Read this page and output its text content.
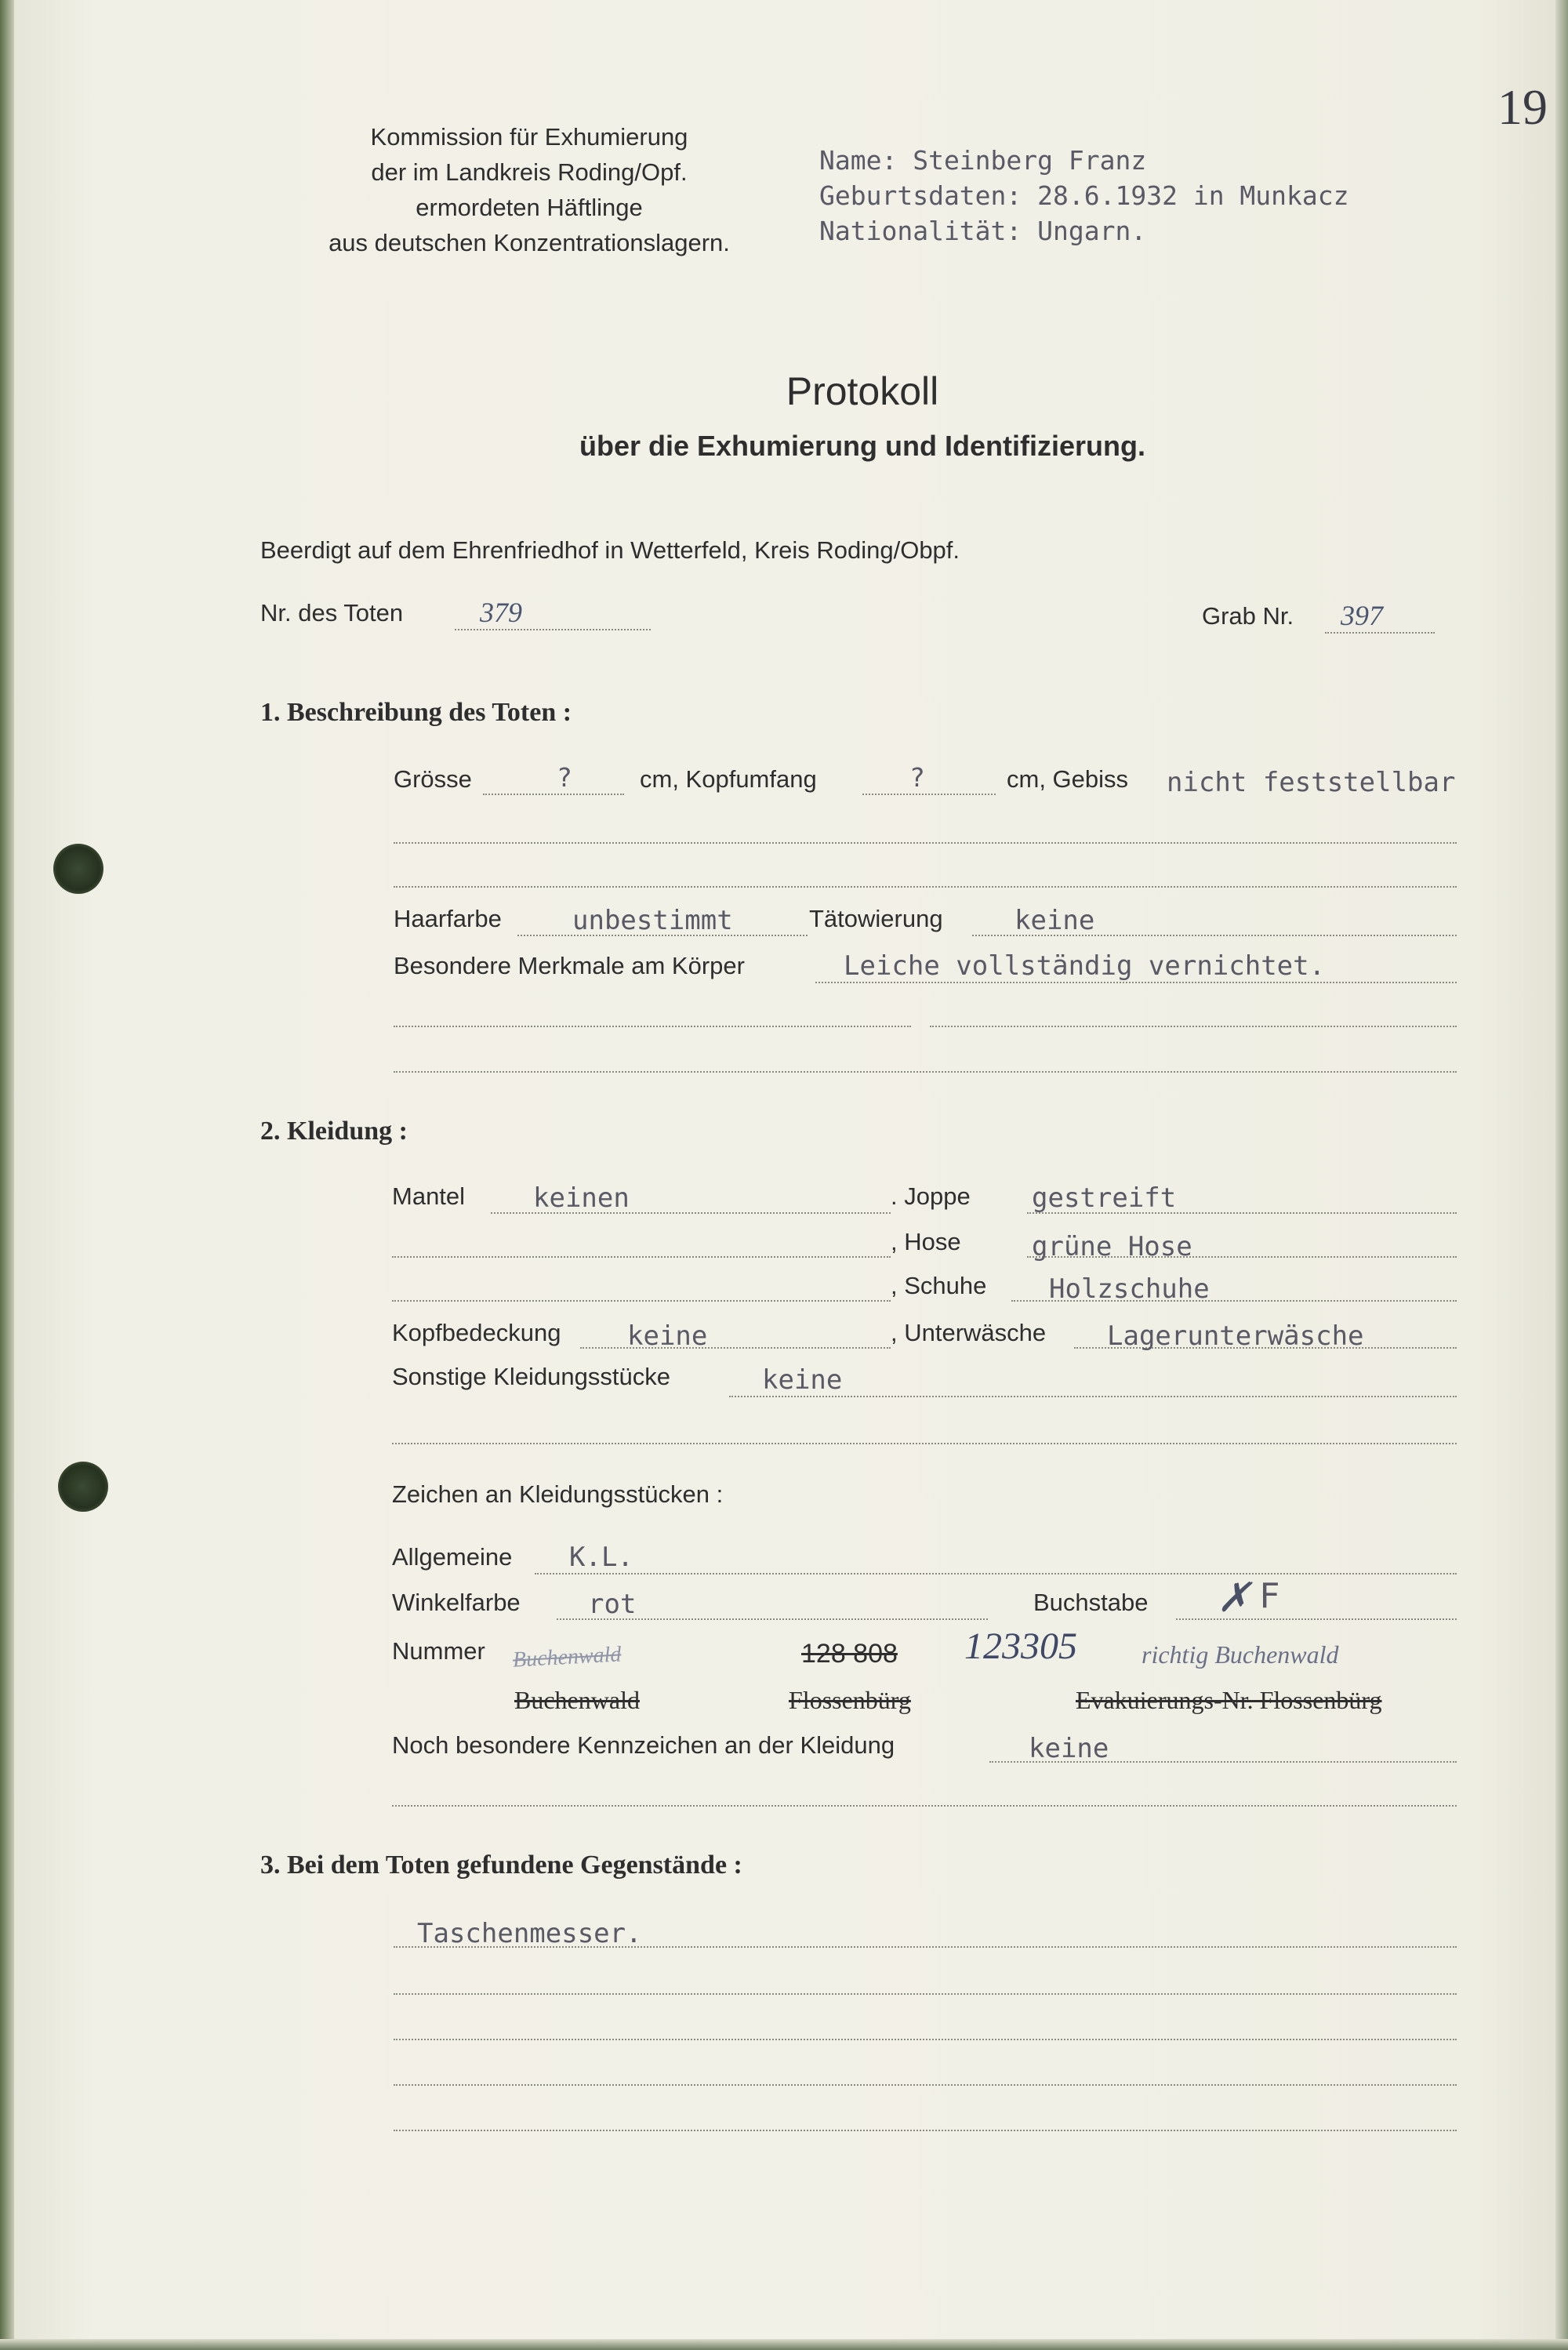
19
Kommission für Exhumierung
der im Landkreis Roding/Opf.
ermordeten Häftlinge
aus deutschen Konzentrationslagern.
Name: Steinberg Franz
Geburtsdaten: 28.6.1932 in Munkacz
Nationalität: Ungarn.
Protokoll
über die Exhumierung und Identifizierung.
Beerdigt auf dem Ehrenfriedhof in Wetterfeld, Kreis Roding/Obpf.
Nr. des Toten	379	Grab Nr. 397
1. Beschreibung des Toten :
Grösse	?	cm, Kopfumfang	?	cm, Gebiss nicht feststellbar
Haarfarbe	unbestimmt	Tätowierung	keine
Besondere Merkmale am Körper	Leiche vollständig vernichtet.
2. Kleidung :
Mantel	keinen	. Joppe gestreift
, Hose	grüne Hose
, Schuhe Holzschuhe
Kopfbedeckung keine	, Unterwäsche Lagerunterwäsche
Sonstige Kleidungsstücke	keine
Zeichen an Kleidungsstücken :
Allgemeine K.L.
Winkelfarbe	rot	Buchstabe ✗ F
Nummer Buchenwald	128 808 123305	richtig Buchenwald
Buchenwald	Flossenbürg	Evakuierungs-Nr. Flossenbürg
Noch besondere Kennzeichen an der Kleidung	keine
3. Bei dem Toten gefundene Gegenstände :
Taschenmesser.
